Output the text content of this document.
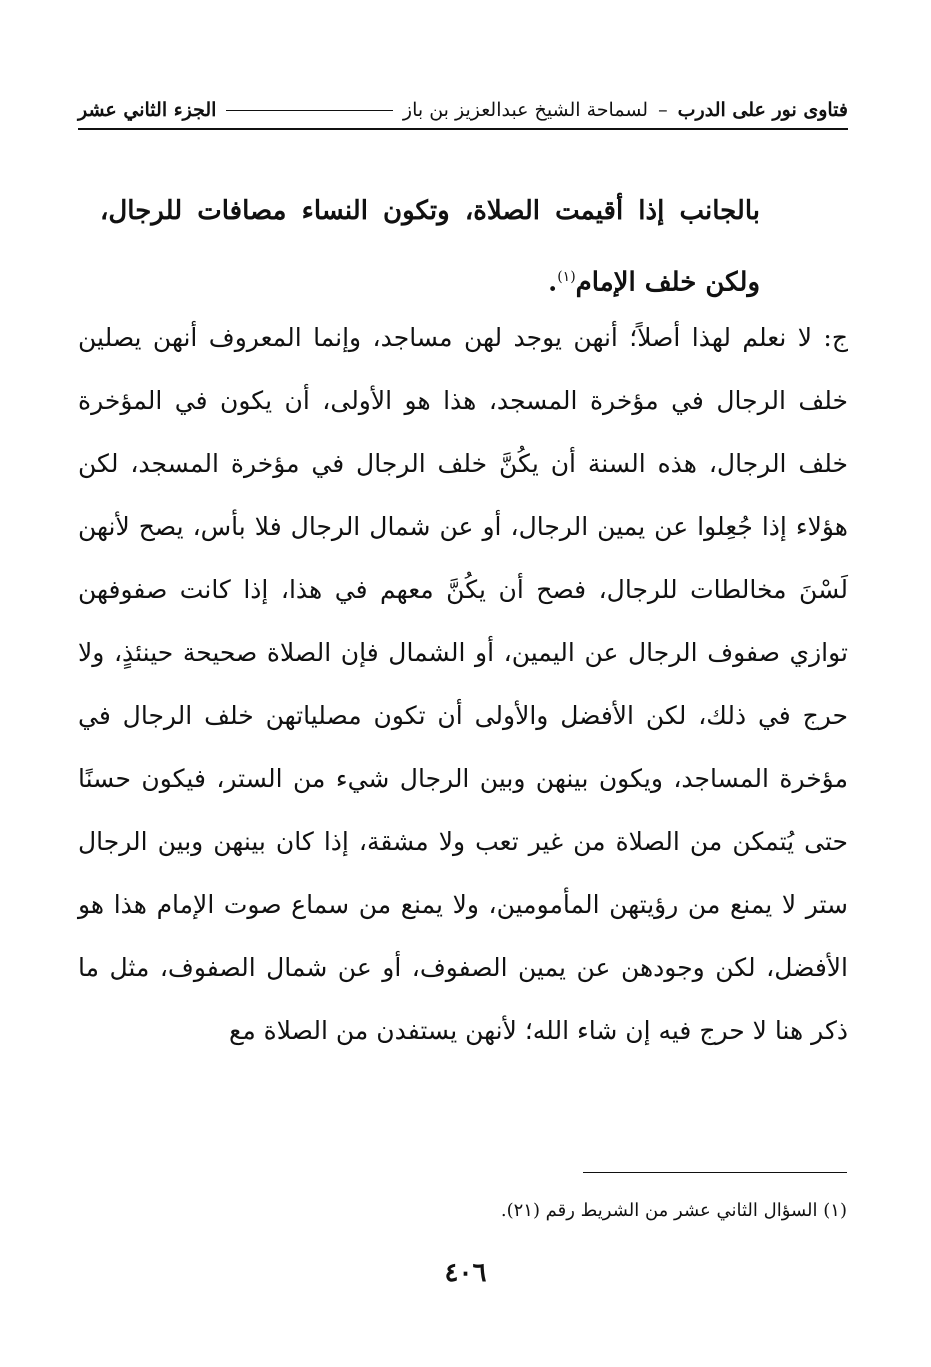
فتاوى نور على الدرب – لسماحة الشيخ عبدالعزيز بن باز
الجزء الثاني عشر
بالجانب إذا أقيمت الصلاة، وتكون النساء مصافات للرجال، ولكن خلف الإمام$^{(١)}$.
ج: لا نعلم لهذا أصلاً؛ أنهن يوجد لهن مساجد، وإنما المعروف أنهن يصلين خلف الرجال في مؤخرة المسجد، هذا هو الأولى، أن يكون في المؤخرة خلف الرجال، هذه السنة أن يكُنَّ خلف الرجال في مؤخرة المسجد، لكن هؤلاء إذا جُعِلوا عن يمين الرجال، أو عن شمال الرجال فلا بأس، يصح لأنهن لَسْنَ مخالطات للرجال، فصح أن يكُنَّ معهم في هذا، إذا كانت صفوفهن توازي صفوف الرجال عن اليمين، أو الشمال فإن الصلاة صحيحة حينئذٍ، ولا حرج في ذلك، لكن الأفضل والأولى أن تكون مصلياتهن خلف الرجال في مؤخرة المساجد، ويكون بينهن وبين الرجال شيء من الستر، فيكون حسنًا حتى يُتمكن من الصلاة من غير تعب ولا مشقة، إذا كان بينهن وبين الرجال ستر لا يمنع من رؤيتهن المأمومين، ولا يمنع من سماع صوت الإمام هذا هو الأفضل، لكن وجودهن عن يمين الصفوف، أو عن شمال الصفوف، مثل ما ذكر هنا لا حرج فيه إن شاء الله؛ لأنهن يستفدن من الصلاة مع
(١) السؤال الثاني عشر من الشريط رقم (٢١).
٤٠٦
